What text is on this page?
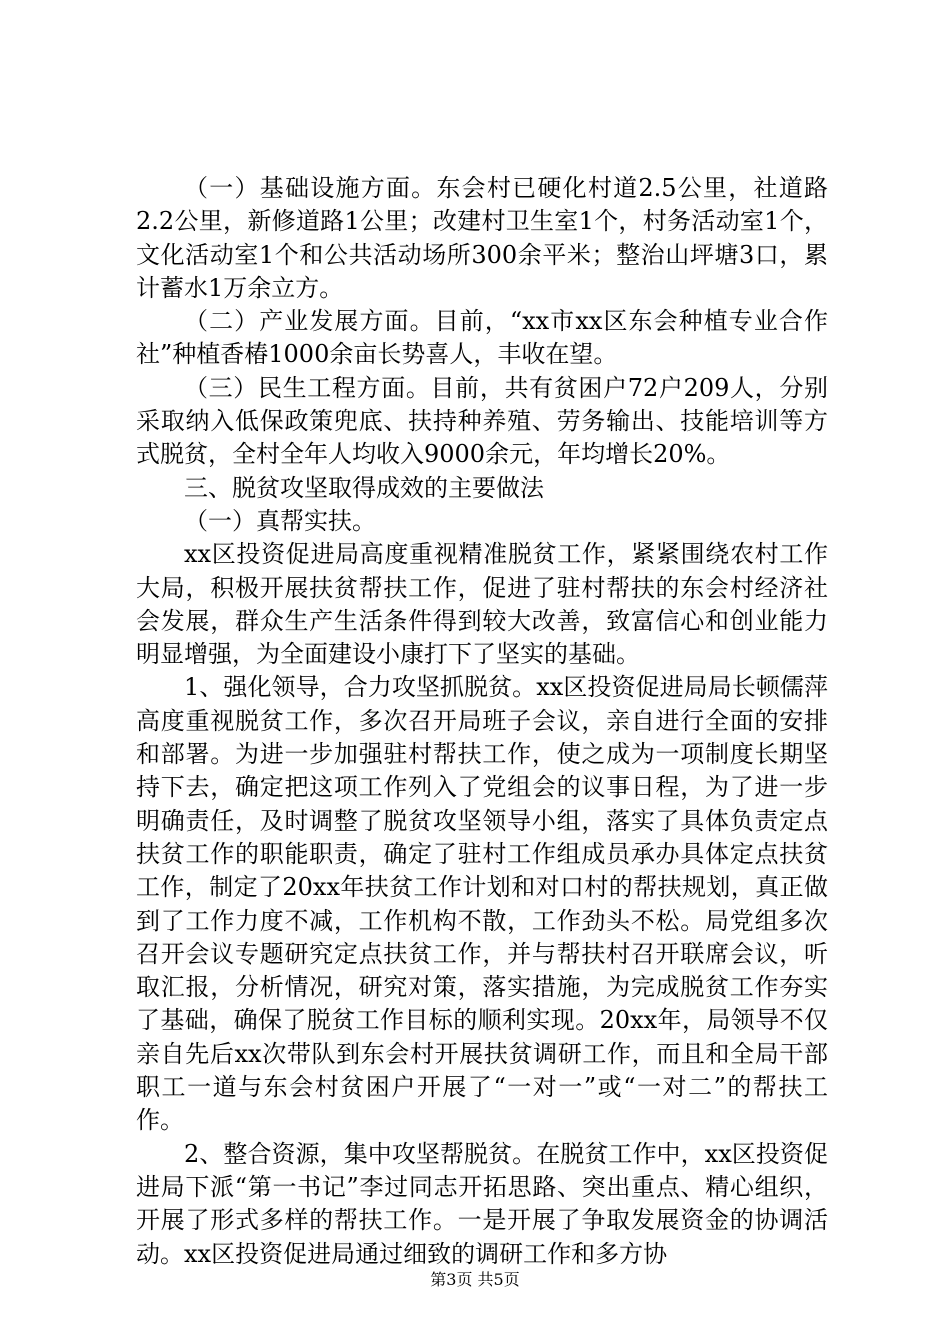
（一）基础设施方面。东会村已硬化村道2.5公里，社道路2.2公里，新修道路1公里；改建村卫生室1个，村务活动室1个，文化活动室1个和公共活动场所300余平米；整治山坪塘3口，累计蓄水1万余立方。

（二）产业发展方面。目前，“xx市xx区东会种植专业合作社”种植香椿1000余亩长势喜人，丰收在望。

（三）民生工程方面。目前，共有贫困户72户209人，分别采取纳入低保政策兜底、扶持种养殖、劳务输出、技能培训等方式脱贫，全村全年人均收入9000余元，年均增长20%。

三、脱贫攻坚取得成效的主要做法

（一）真帮实扶。

xx区投资促进局高度重视精准脱贫工作，紧紧围绕农村工作大局，积极开展扶贫帮扶工作，促进了驻村帮扶的东会村经济社会发展，群众生产生活条件得到较大改善，致富信心和创业能力明显增强，为全面建设小康打下了坚实的基础。

1、强化领导，合力攻坚抓脱贫。xx区投资促进局局长顿儒萍高度重视脱贫工作，多次召开局班子会议，亲自进行全面的安排和部署。为进一步加强驻村帮扶工作，使之成为一项制度长期坚持下去，确定把这项工作列入了党组会的议事日程，为了进一步明确责任，及时调整了脱贫攻坚领导小组，落实了具体负责定点扶贫工作的职能职责，确定了驻村工作组成员承办具体定点扶贫工作，制定了20xx年扶贫工作计划和对口村的帮扶规划，真正做到了工作力度不减，工作机构不散，工作劲头不松。局党组多次召开会议专题研究定点扶贫工作，并与帮扶村召开联席会议，听取汇报，分析情况，研究对策，落实措施，为完成脱贫工作夯实了基础，确保了脱贫工作目标的顺利实现。20xx年，局领导不仅亲自先后xx次带队到东会村开展扶贫调研工作，而且和全局干部职工一道与东会村贫困户开展了“一对一”或“一对二”的帮扶工作。

2、整合资源，集中攻坚帮脱贫。在脱贫工作中，xx区投资促进局下派“第一书记”李过同志开拓思路、突出重点、精心组织，开展了形式多样的帮扶工作。一是开展了争取发展资金的协调活动。xx区投资促进局通过细致的调研工作和多方协

第3页 共5页
